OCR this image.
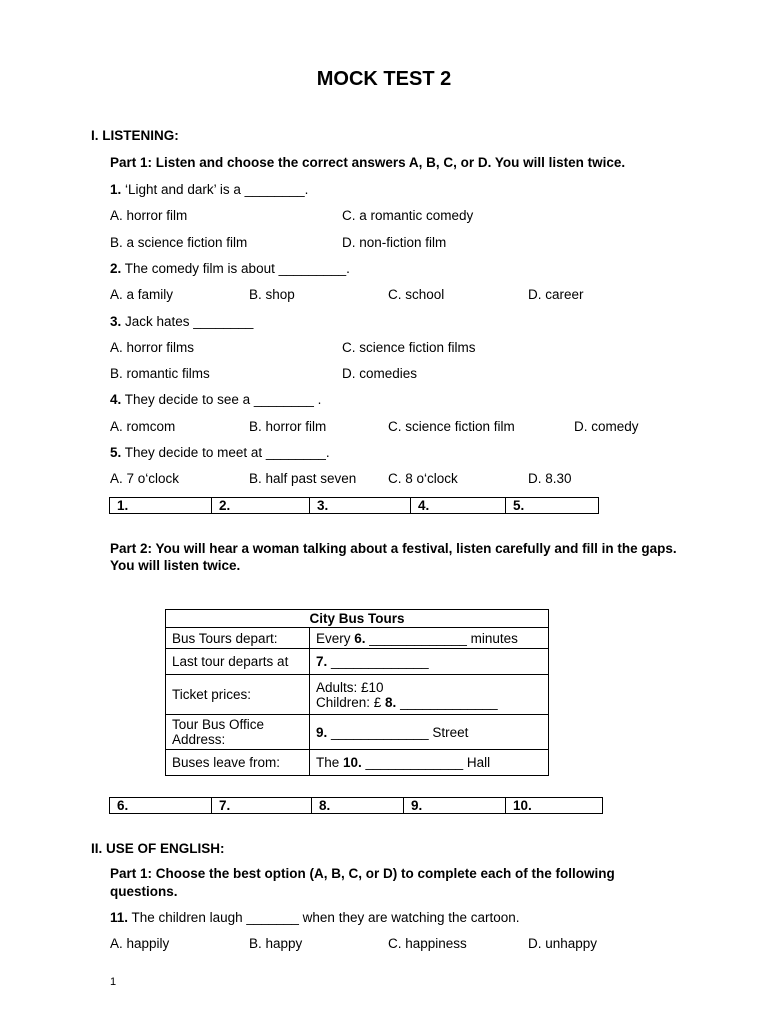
MOCK TEST 2
I. LISTENING:
Part 1: Listen and choose the correct answers A, B, C, or D. You will listen twice.
1. ‘Light and dark’ is a ________.
A. horror film	C. a romantic comedy
B. a science fiction film	D. non-fiction film
2. The comedy film is about _________.
A. a family	B. shop	C. school	D. career
3. Jack hates ________
A. horror films	C. science fiction films
B. romantic films	D. comedies
4. They decide to see a ________ .
A. romcom	B. horror film	C. science fiction film	D. comedy
5. They decide to meet at ________.
A. 7 o‘clock	B. half past seven C. 8 o‘clock	D. 8.30
1.	2.	3.	4.	5.
Part 2: You will hear a woman talking about a festival, listen carefully and fill in the gaps.
You will listen twice.
City Bus Tours	
Bus Tours depart:	Every 6. _____________ minutes
Last tour departs at	7. _____________
Ticket prices:	Adults: £10
Children: £ 8. _____________

Tour Bus Office
Address:	9. _____________ Street
Buses leave from:	The 10. _____________ Hall
6.	7.	8.	9.	10.
II. USE OF ENGLISH:
Part 1: Choose the best option (A, B, C, or D) to complete each of the following
questions.
11. The children laugh _______ when they are watching the cartoon.
A. happily	B. happy	C. happiness	D. unhappy
1
